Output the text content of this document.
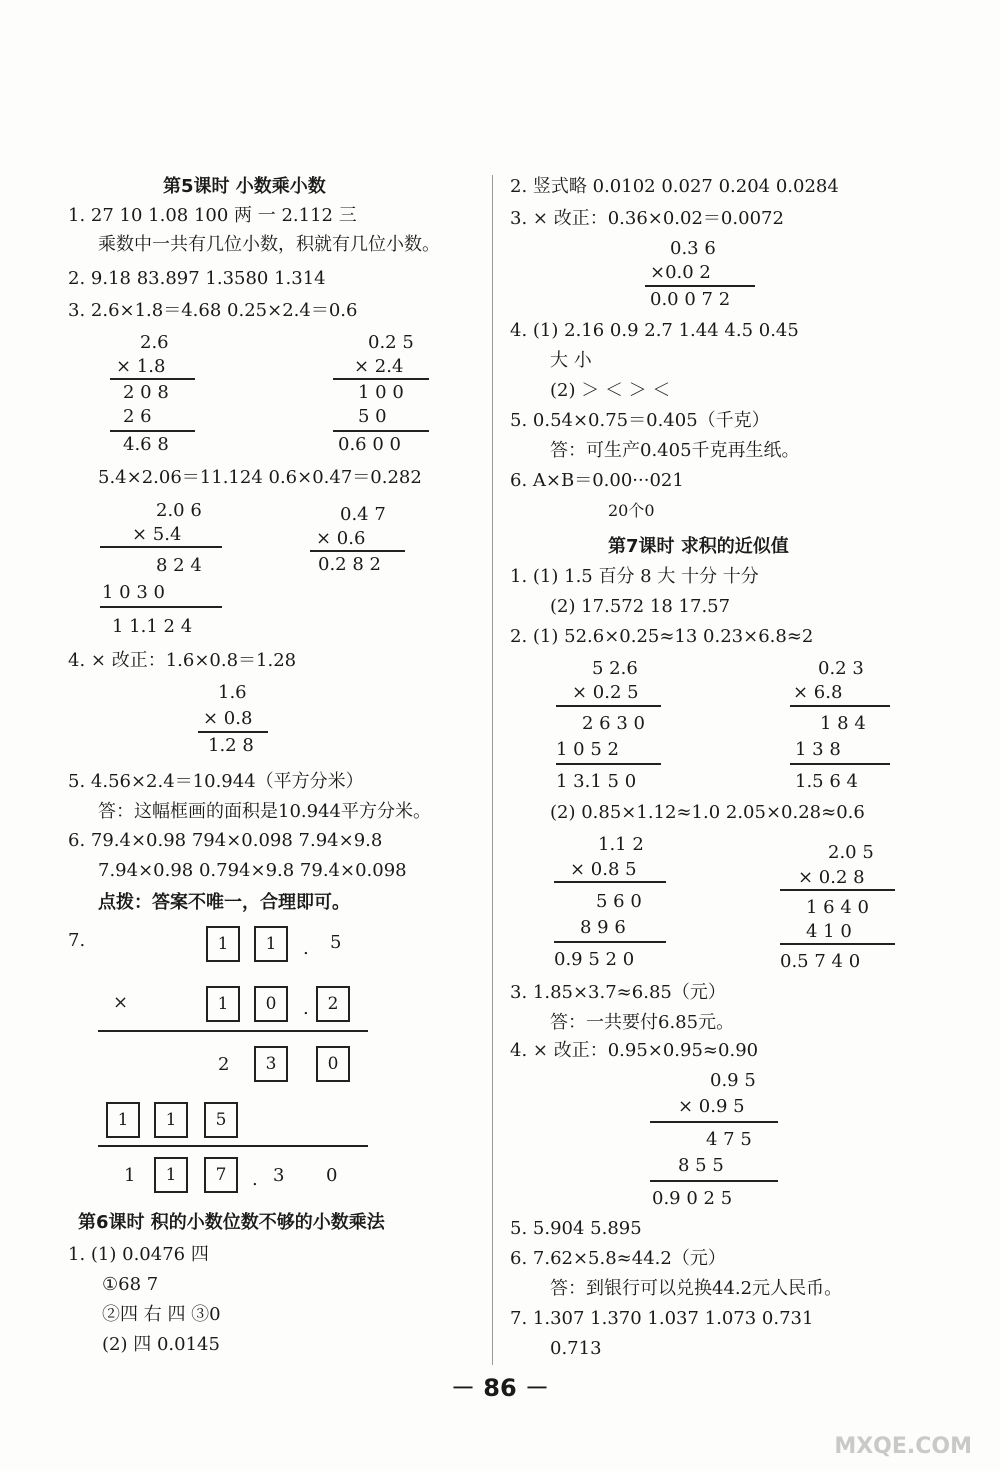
第5课时 小数乘小数
1. 27 10 1.08 100 两 一 2.112 三
乘数中一共有几位小数，积就有几位小数。
2. 9.18 83.897 1.3580 1.314
3. 2.6×1.8＝4.68 0.25×2.4＝0.6
2.6
× 1.8
2 0 8
2 6
4.6 8
0.2 5
× 2.4
1 0 0
5 0
0.6 0 0
5.4×2.06＝11.124 0.6×0.47＝0.282
2.0 6
× 5.4
8 2 4
1 0 3 0
1 1.1 2 4
0.4 7
× 0.6
0.2 8 2
4. × 改正：1.6×0.8＝1.28
1.6
× 0.8
1.2 8
5. 4.56×2.4＝10.944（平方分米）
答：这幅框画的面积是10.944平方分米。
6. 79.4×0.98 794×0.098 7.94×9.8
7.94×0.98 0.794×9.8 79.4×0.098
点拨：答案不唯一，合理即可。
7.	1	1	. 5
×	1	0	.	2
2	3	0
1	1	5
1	1	7	. 3 0
第6课时 积的小数位数不够的小数乘法
1. (1) 0.0476 四
①68 7
②四 右 四 ③0
(2) 四 0.0145
2. 竖式略 0.0102 0.027 0.204 0.0284
3. × 改正：0.36×0.02＝0.0072
0.3 6
×0.0 2
0.0 0 7 2
4. (1) 2.16 0.9 2.7 1.44 4.5 0.45
大 小
(2) ＞ ＜ ＞ ＜
5. 0.54×0.75＝0.405（千克）
答：可生产0.405千克再生纸。
6. A×B＝0.00···021
20个0
第7课时 求积的近似值
1. (1) 1.5 百分 8 大 十分 十分
(2) 17.572 18 17.57
2. (1) 52.6×0.25≈13 0.23×6.8≈2
5 2.6
× 0.2 5
2 6 3 0
1 0 5 2
1 3.1 5 0
0.2 3
× 6.8
1 8 4
1 3 8
1.5 6 4
(2) 0.85×1.12≈1.0 2.05×0.28≈0.6
1.1 2
× 0.8 5
5 6 0
8 9 6
0.9 5 2 0
2.0 5
× 0.2 8
1 6 4 0
4 1 0
0.5 7 4 0
3. 1.85×3.7≈6.85（元）
答：一共要付6.85元。
4. × 改正：0.95×0.95≈0.90
0.9 5
× 0.9 5
4 7 5
8 5 5
0.9 0 2 5
5. 5.904 5.895
6. 7.62×5.8≈44.2（元）
答：到银行可以兑换44.2元人民币。
7. 1.307 1.370 1.037 1.073 0.731
0.713
－ 86 －
MXQE.COM
